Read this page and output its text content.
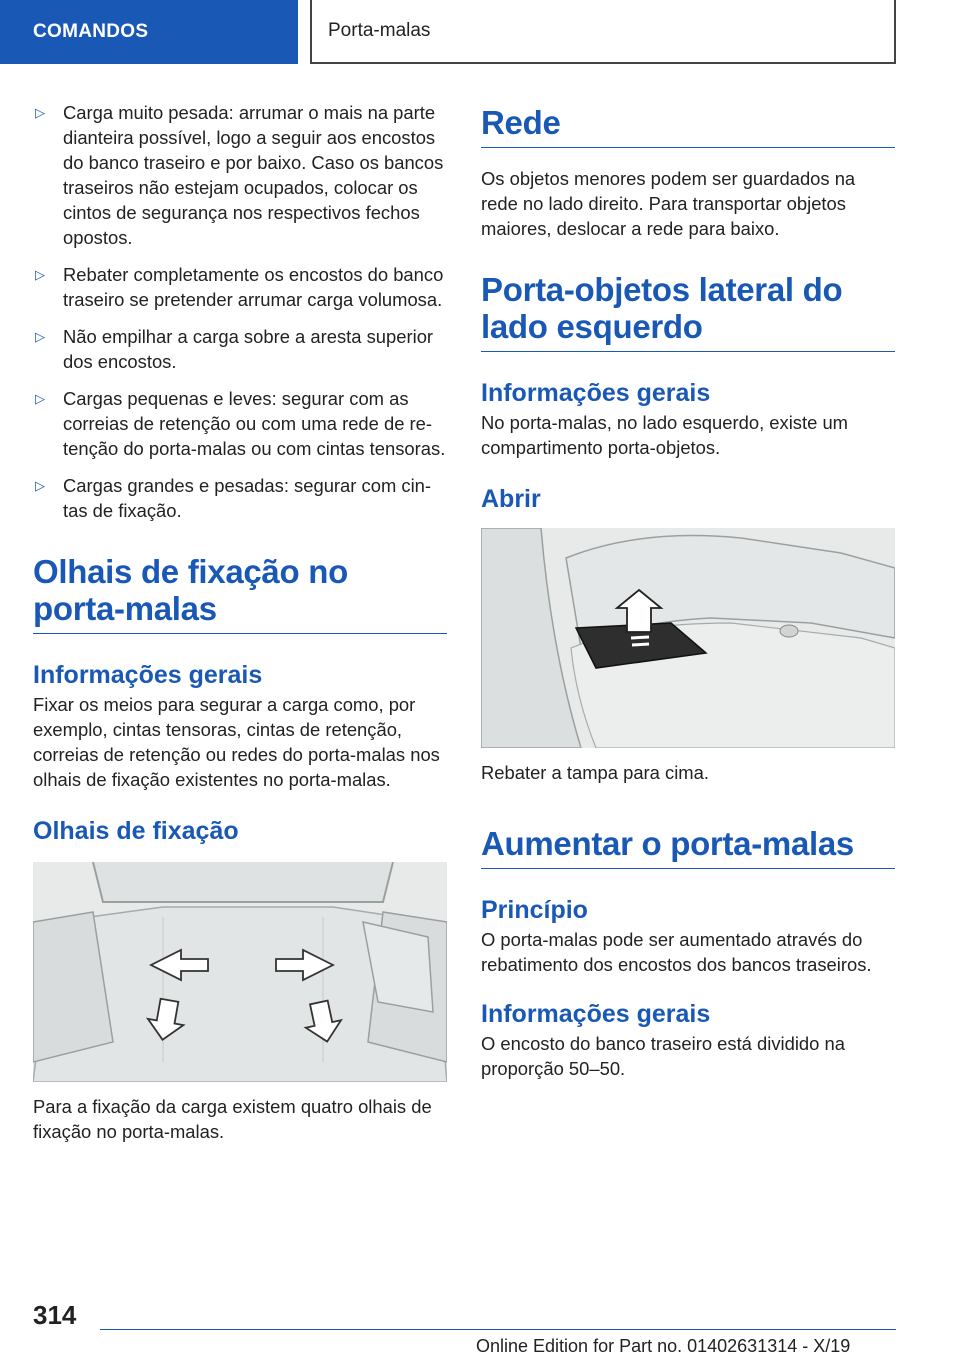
COMANDOS	Porta-malas
▷ Carga muito pesada: arrumar o mais na parte dianteira possível, logo a seguir aos encostos do banco traseiro e por baixo. Caso os bancos traseiros não estejam ocupados, colocar os cintos de segurança nos respectivos fechos opostos.

▷ Rebater completamente os encostos do banco traseiro se pretender arrumar carga volumosa.

▷ Não empilhar a carga sobre a aresta superior dos encostos.

▷ Cargas pequenas e leves: segurar com as correias de retenção ou com uma rede de retenção do porta-malas ou com cintas tensoras.

▷ Cargas grandes e pesadas: segurar com cintas de fixação.

Olhais de fixação no porta-malas
Informações gerais

Fixar os meios para segurar a carga como, por exemplo, cintas tensoras, cintas de retenção, correias de retenção ou redes do porta-malas nos olhais de fixação existentes no porta-malas.

Olhais de fixação

Para a fixação da carga existem quatro olhais de fixação no porta-malas.

Rede

Os objetos menores podem ser guardados na rede no lado direito. Para transportar objetos maiores, deslocar a rede para baixo.

Porta-objetos lateral do lado esquerdo
Informações gerais

No porta-malas, no lado esquerdo, existe um compartimento porta-objetos.

Abrir

Rebater a tampa para cima.

Aumentar o porta-malas
Princípio

O porta-malas pode ser aumentado através do rebatimento dos encostos dos bancos traseiros.

Informações gerais

O encosto do banco traseiro está dividido na proporção 50–50.

314
Online Edition for Part no. 01402631314 - X/19
